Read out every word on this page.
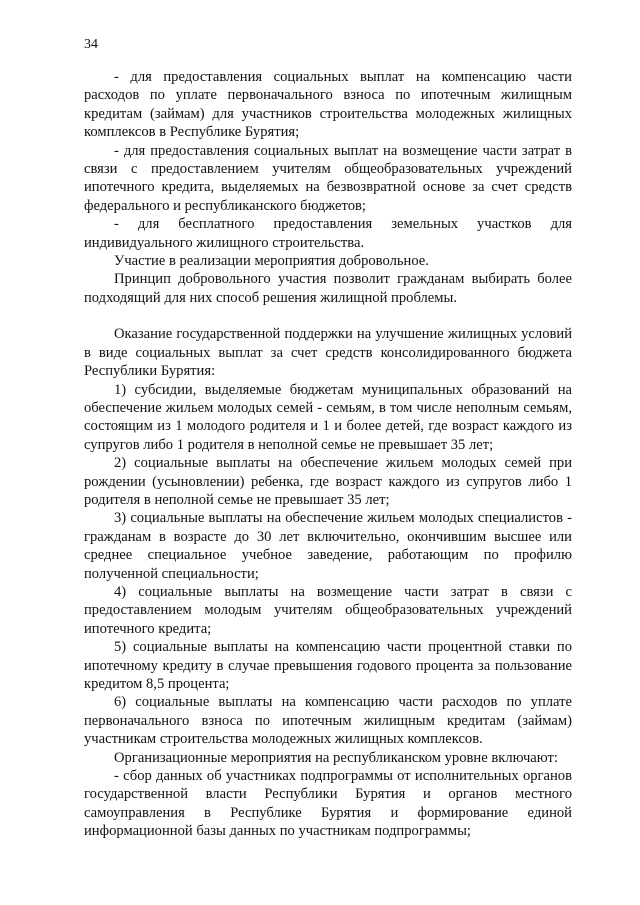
34

- для предоставления социальных выплат на компенсацию части расходов по уплате первоначального взноса по ипотечным жилищным кредитам (займам) для участников строительства молодежных жилищных комплексов в Республике Бурятия;

- для предоставления социальных выплат на возмещение части затрат в связи с предоставлением учителям общеобразовательных учреждений ипотечного кредита, выделяемых на безвозвратной основе за счет средств федерального и республиканского бюджетов;

- для бесплатного предоставления земельных участков для индивидуального жилищного строительства.

Участие в реализации мероприятия добровольное.

Принцип добровольного участия позволит гражданам выбирать более подходящий для них способ решения жилищной проблемы.

Оказание государственной поддержки на улучшение жилищных условий в виде социальных выплат за счет средств консолидированного бюджета Республики Бурятия:

1) субсидии, выделяемые бюджетам муниципальных образований на обеспечение жильем молодых семей - семьям, в том числе неполным семьям, состоящим из 1 молодого родителя и 1 и более детей, где возраст каждого из супругов либо 1 родителя в неполной семье не превышает 35 лет;

2) социальные выплаты на обеспечение жильем молодых семей при рождении (усыновлении) ребенка, где возраст каждого из супругов либо 1 родителя в неполной семье не превышает 35 лет;

3) социальные выплаты на обеспечение жильем молодых специалистов - гражданам в возрасте до 30 лет включительно, окончившим высшее или среднее специальное учебное заведение, работающим по профилю полученной специальности;

4) социальные выплаты на возмещение части затрат в связи с предоставлением молодым учителям общеобразовательных учреждений ипотечного кредита;

5) социальные выплаты на компенсацию части процентной ставки по ипотечному кредиту в случае превышения годового процента за пользование кредитом 8,5 процента;

6) социальные выплаты на компенсацию части расходов по уплате первоначального взноса по ипотечным жилищным кредитам (займам) участникам строительства молодежных жилищных комплексов.

Организационные мероприятия на республиканском уровне включают:

- сбор данных об участниках подпрограммы от исполнительных органов государственной власти Республики Бурятия и органов местного самоуправления в Республике Бурятия и формирование единой информационной базы данных по участникам подпрограммы;
